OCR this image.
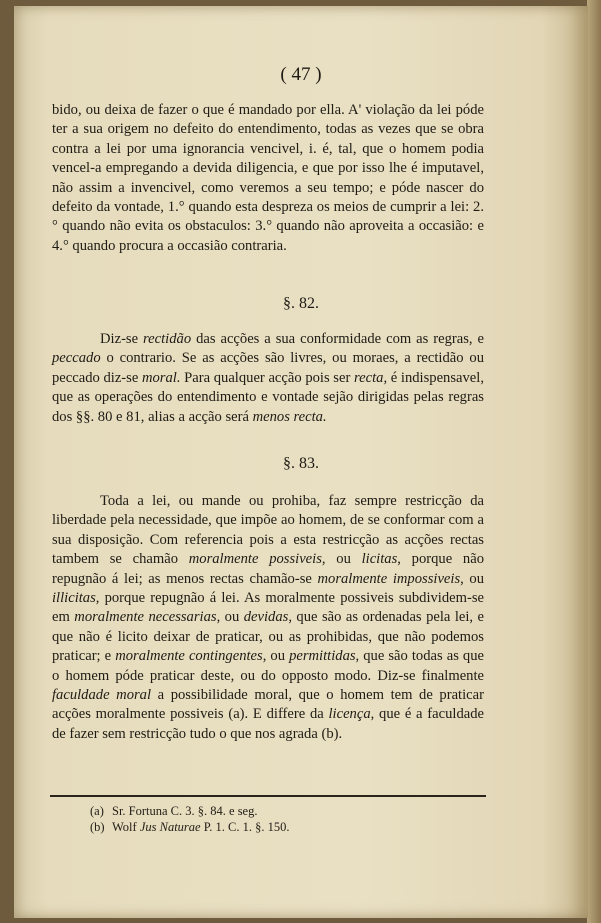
( 47 )

bido, ou deixa de fazer o que é mandado por ella. A' violação da lei póde ter a sua origem no defeito do entendimento, todas as vezes que se obra contra a lei por uma ignorancia vencivel, i. é, tal, que o homem podia vencel-a empregando a devida diligencia, e que por isso lhe é imputavel, não assim a invencivel, como veremos a seu tempo; e póde nascer do defeito da vontade, 1.° quando esta despreza os meios de cumprir a lei: 2.° quando não evita os obstaculos: 3.° quando não aproveita a occasião: e 4.° quando procura a occasião contraria.

§. 82.

Diz-se rectidão das acções a sua conformidade com as regras, e peccado o contrario. Se as acções são livres, ou moraes, a rectidão ou peccado diz-se moral. Para qualquer acção pois ser recta, é indispensavel, que as operações do entendimento e vontade sejão dirigidas pelas regras dos §§. 80 e 81, alias a acção será menos recta.

§. 83.

Toda a lei, ou mande ou prohiba, faz sempre restricção da liberdade pela necessidade, que impõe ao homem, de se conformar com a sua disposição. Com referencia pois a esta restricção as acções rectas tambem se chamão moralmente possiveis, ou licitas, porque não repugnão á lei; as menos rectas chamão-se moralmente impossiveis, ou illicitas, porque repugnão á lei. As moralmente possiveis subdividem-se em moralmente necessarias, ou devidas, que são as ordenadas pela lei, e que não é licito deixar de praticar, ou as prohibidas, que não podemos praticar; e moralmente contingentes, ou permittidas, que são todas as que o homem póde praticar deste, ou do opposto modo. Diz-se finalmente faculdade moral a possibilidade moral, que o homem tem de praticar acções moralmente possiveis (a). E differe da licença, que é a faculdade de fazer sem restricção tudo o que nos agrada (b).

(a) Sr. Fortuna C. 3. §. 84. e seg.
(b) Wolf Jus Naturae P. 1. C. 1. §. 150.
